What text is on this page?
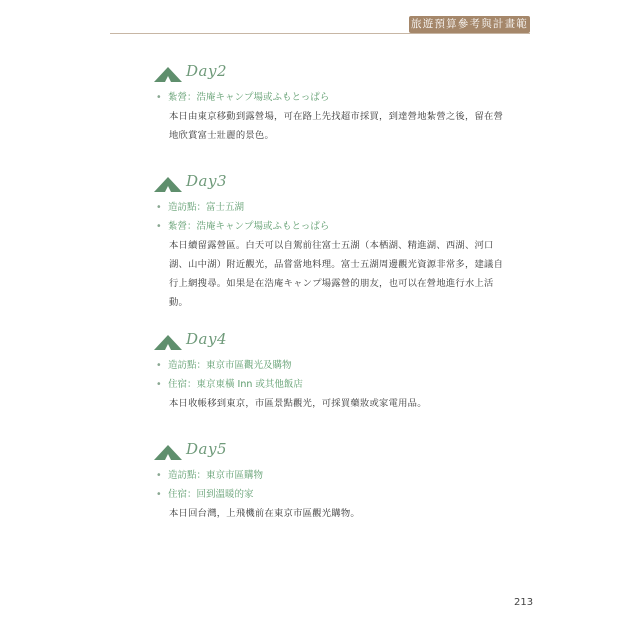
旅遊預算參考與計畫範例
Day2
• 紮營：浩庵キャンプ場或ふもとっぱら
本日由東京移動到露營場，可在路上先找超市採買，到達營地紮營之後，留在營地欣賞富士壯麗的景色。
Day3
• 造訪點：富士五湖
• 紮營：浩庵キャンプ場或ふもとっぱら
本日續留露營區。白天可以自駕前往富士五湖（本栖湖、精進湖、西湖、河口湖、山中湖）附近觀光，品嘗當地料理。富士五湖周邊觀光資源非常多，建議自行上網搜尋。如果是在浩庵キャンプ場露營的朋友，也可以在營地進行水上活動。
Day4
• 造訪點：東京市區觀光及購物
• 住宿：東京東橫 Inn 或其他飯店
本日收帳移到東京，市區景點觀光，可採買藥妝或家電用品。
Day5
• 造訪點：東京市區購物
• 住宿：回到溫暖的家
本日回台灣，上飛機前在東京市區觀光購物。
213
